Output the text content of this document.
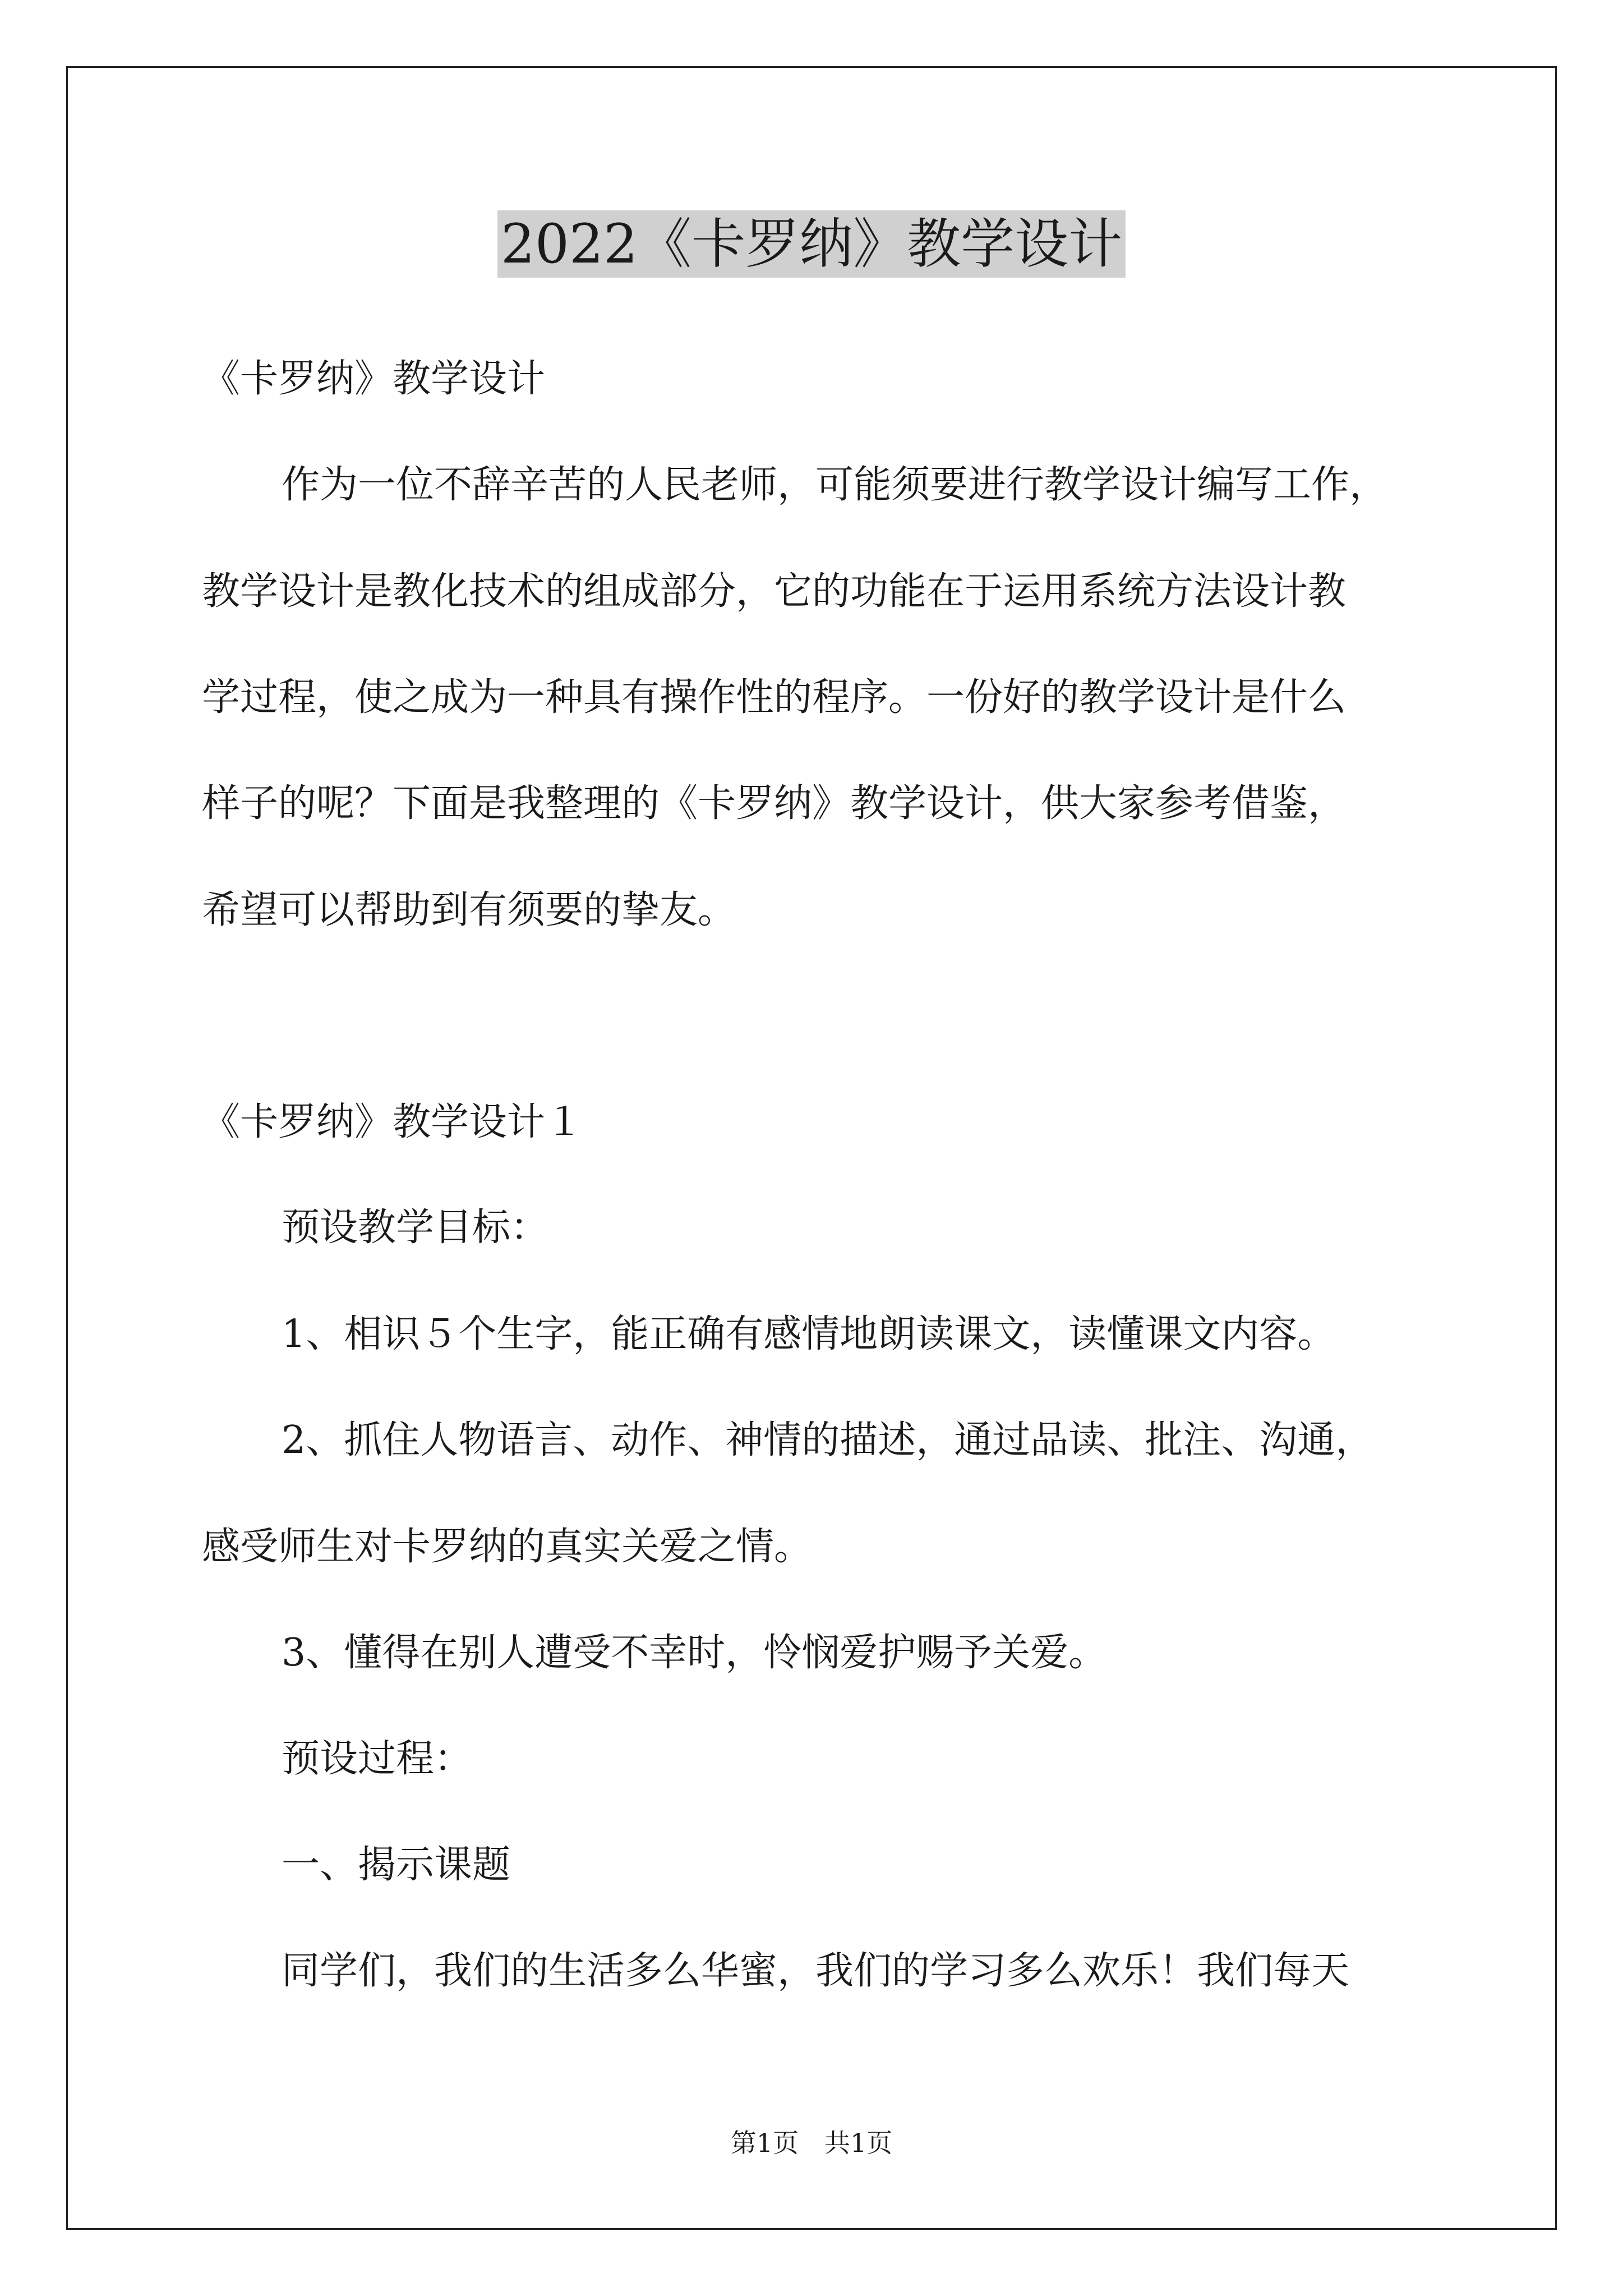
2022《卡罗纳》教学设计
《卡罗纳》教学设计
作为一位不辞辛苦的人民老师，可能须要进行教学设计编写工作，
教学设计是教化技术的组成部分，它的功能在于运用系统方法设计教
学过程，使之成为一种具有操作性的程序。一份好的教学设计是什么
样子的呢？下面是我整理的《卡罗纳》教学设计，供大家参考借鉴，
希望可以帮助到有须要的挚友。
《卡罗纳》教学设计１
预设教学目标：
1、相识５个生字，能正确有感情地朗读课文，读懂课文内容。
2、抓住人物语言、动作、神情的描述，通过品读、批注、沟通，
感受师生对卡罗纳的真实关爱之情。
3、懂得在别人遭受不幸时，怜悯爱护赐予关爱。
预设过程：
一、揭示课题
同学们，我们的生活多么华蜜，我们的学习多么欢乐！我们每天
第1页　共1页
